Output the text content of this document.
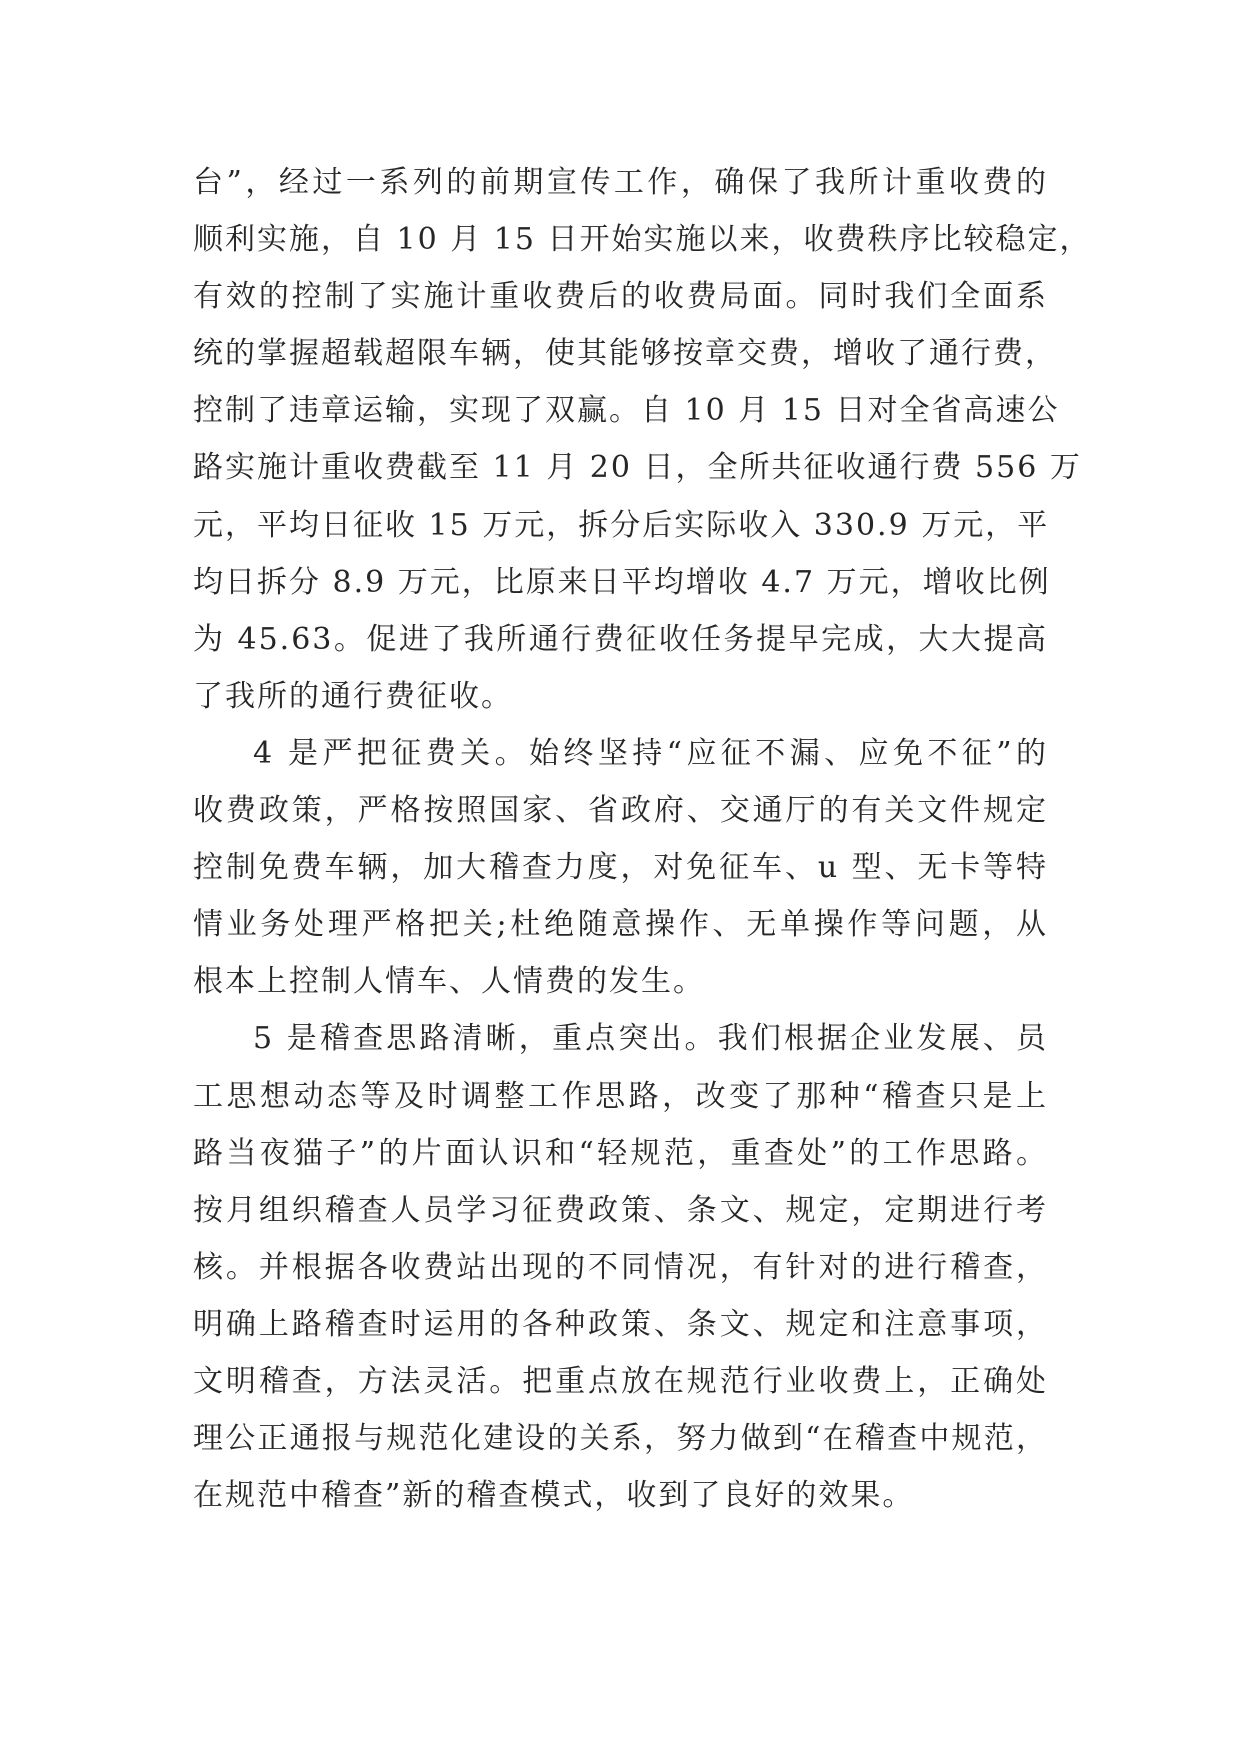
台”，经过一系列的前期宣传工作，确保了我所计重收费的
顺利实施，自 10 月 15 日开始实施以来，收费秩序比较稳定，
有效的控制了实施计重收费后的收费局面。同时我们全面系
统的掌握超载超限车辆，使其能够按章交费，增收了通行费，
控制了违章运输，实现了双赢。自 10 月 15 日对全省高速公
路实施计重收费截至 11 月 20 日，全所共征收通行费 556 万
元，平均日征收 15 万元，拆分后实际收入 330.9 万元，平
均日拆分 8.9 万元，比原来日平均增收 4.7 万元，增收比例
为 45.63。促进了我所通行费征收任务提早完成，大大提高
了我所的通行费征收。
4 是严把征费关。始终坚持“应征不漏、应免不征”的
收费政策，严格按照国家、省政府、交通厅的有关文件规定
控制免费车辆，加大稽查力度，对免征车、u 型、无卡等特
情业务处理严格把关;杜绝随意操作、无单操作等问题，从
根本上控制人情车、人情费的发生。
5 是稽查思路清晰，重点突出。我们根据企业发展、员
工思想动态等及时调整工作思路，改变了那种“稽查只是上
路当夜猫子”的片面认识和“轻规范，重查处”的工作思路。
按月组织稽查人员学习征费政策、条文、规定，定期进行考
核。并根据各收费站出现的不同情况，有针对的进行稽查，
明确上路稽查时运用的各种政策、条文、规定和注意事项，
文明稽查，方法灵活。把重点放在规范行业收费上，正确处
理公正通报与规范化建设的关系，努力做到“在稽查中规范，
在规范中稽查”新的稽查模式，收到了良好的效果。
